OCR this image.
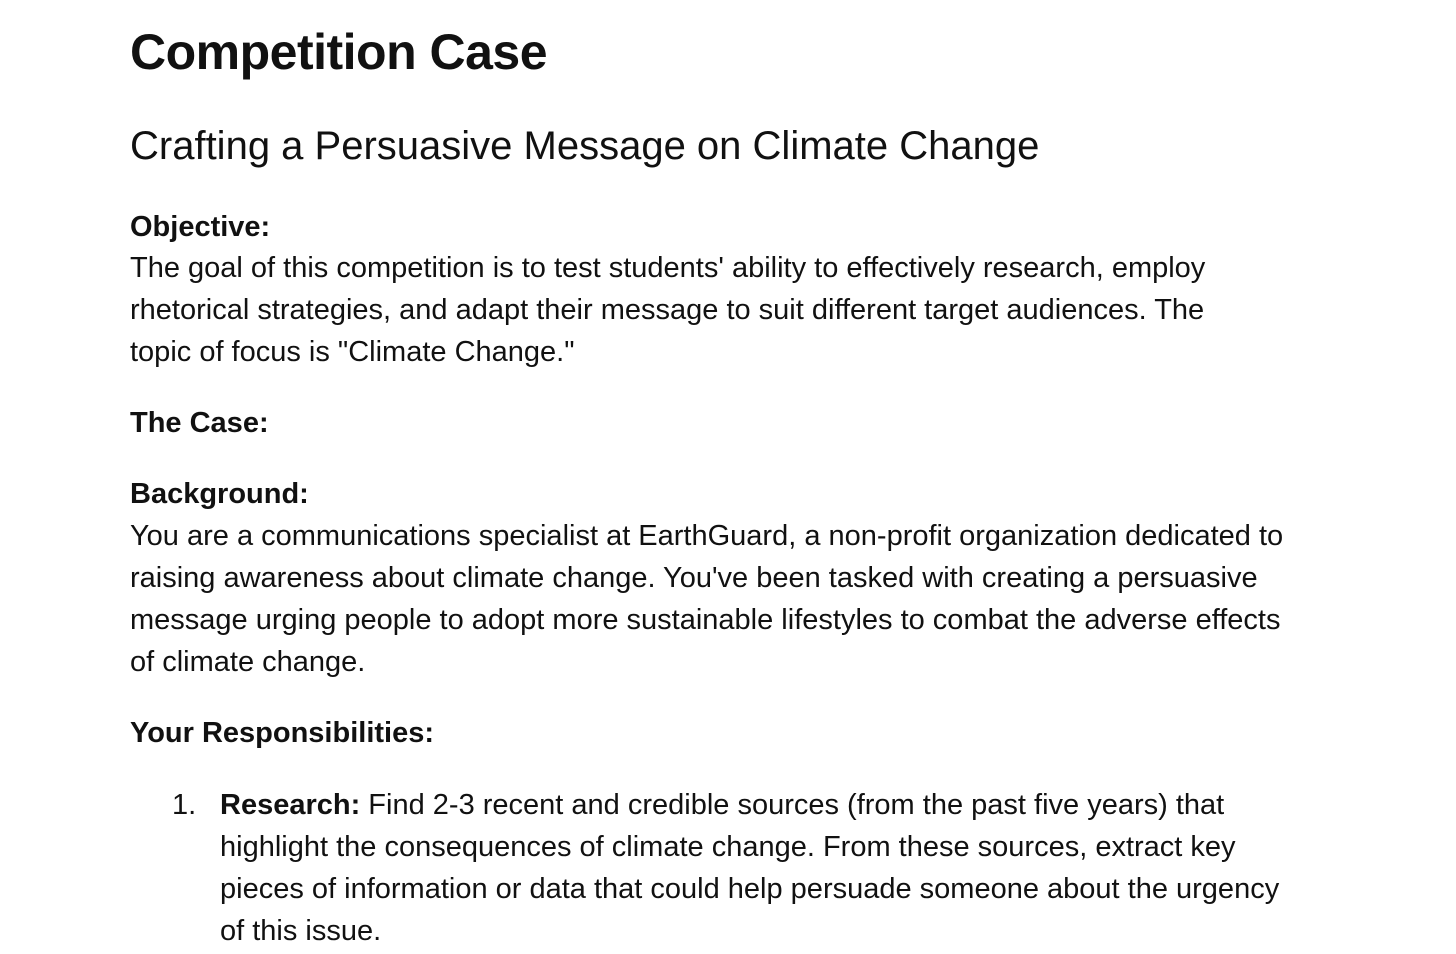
Competition Case
Crafting a Persuasive Message on Climate Change
Objective:

The goal of this competition is to test students' ability to effectively research, employ rhetorical strategies, and adapt their message to suit different target audiences. The topic of focus is "Climate Change."

The Case:
Background:

You are a communications specialist at EarthGuard, a non-profit organization dedicated to raising awareness about climate change. You've been tasked with creating a persuasive message urging people to adopt more sustainable lifestyles to combat the adverse effects of climate change.

Your Responsibilities:
1. Research: Find 2-3 recent and credible sources (from the past five years) that highlight the consequences of climate change. From these sources, extract key pieces of information or data that could help persuade someone about the urgency of this issue.
